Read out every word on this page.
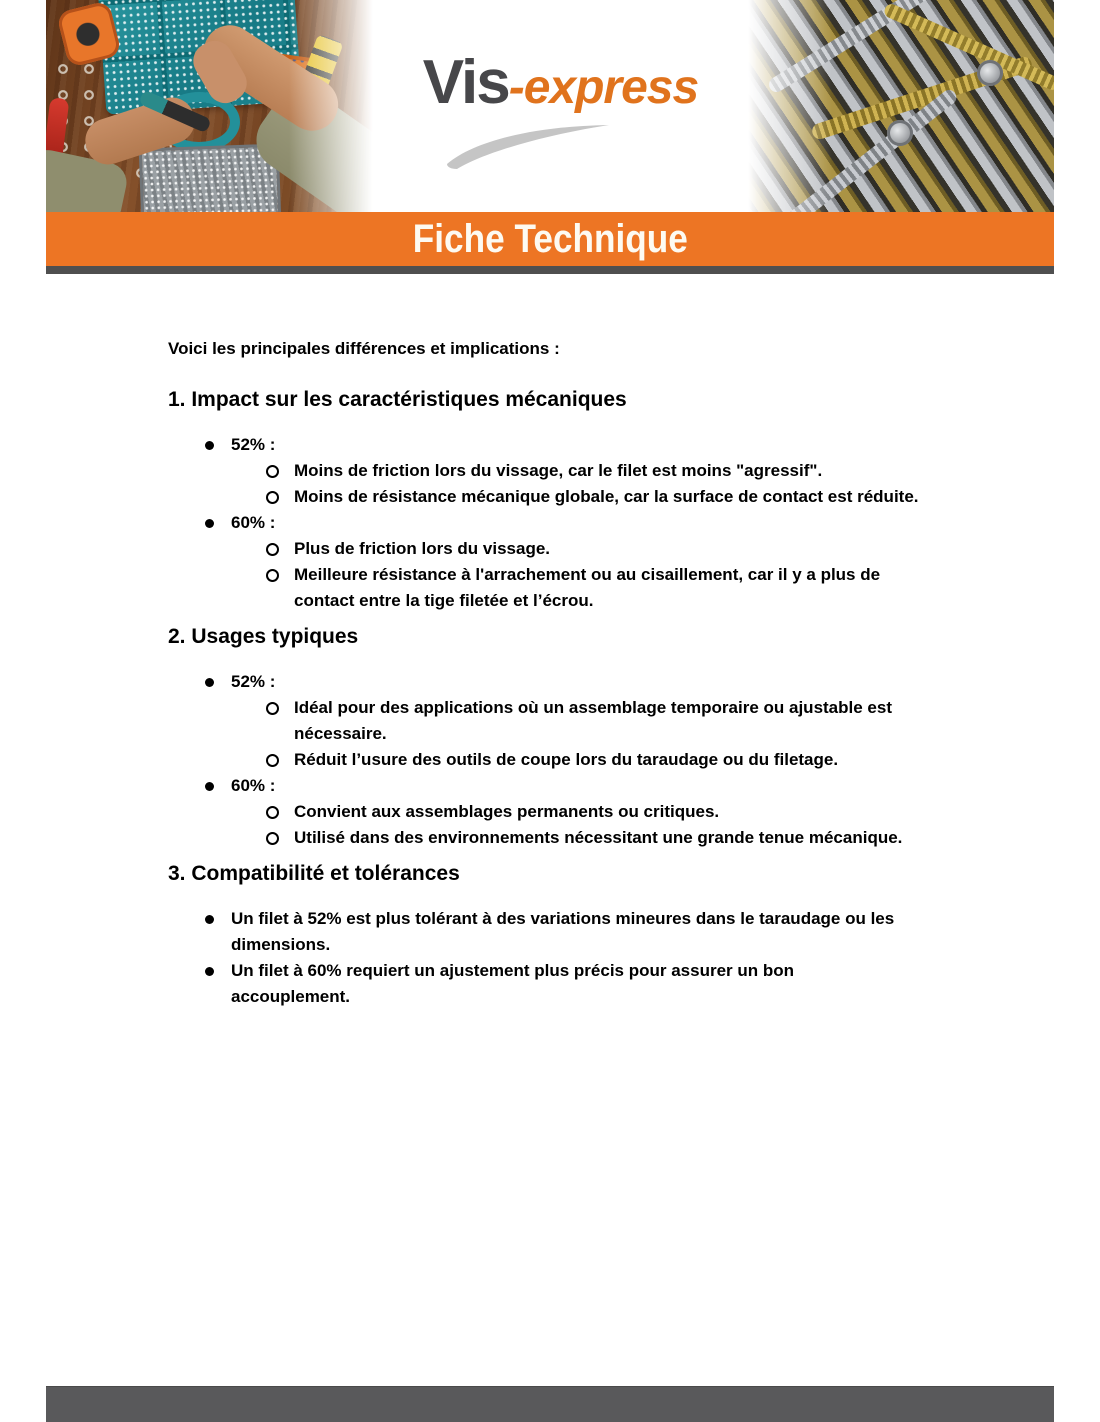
Vis-express
Fiche Technique

Voici les principales différences et implications :

1. Impact sur les caractéristiques mécaniques
52% :
Moins de friction lors du vissage, car le filet est moins "agressif".
Moins de résistance mécanique globale, car la surface de contact est réduite.
60% :
Plus de friction lors du vissage.
Meilleure résistance à l'arrachement ou au cisaillement, car il y a plus de contact entre la tige filetée et l’écrou.
2. Usages typiques
52% :
Idéal pour des applications où un assemblage temporaire ou ajustable est nécessaire.
Réduit l’usure des outils de coupe lors du taraudage ou du filetage.
60% :
Convient aux assemblages permanents ou critiques.
Utilisé dans des environnements nécessitant une grande tenue mécanique.
3. Compatibilité et tolérances
Un filet à 52% est plus tolérant à des variations mineures dans le taraudage ou les dimensions.
Un filet à 60% requiert un ajustement plus précis pour assurer un bon accouplement.
